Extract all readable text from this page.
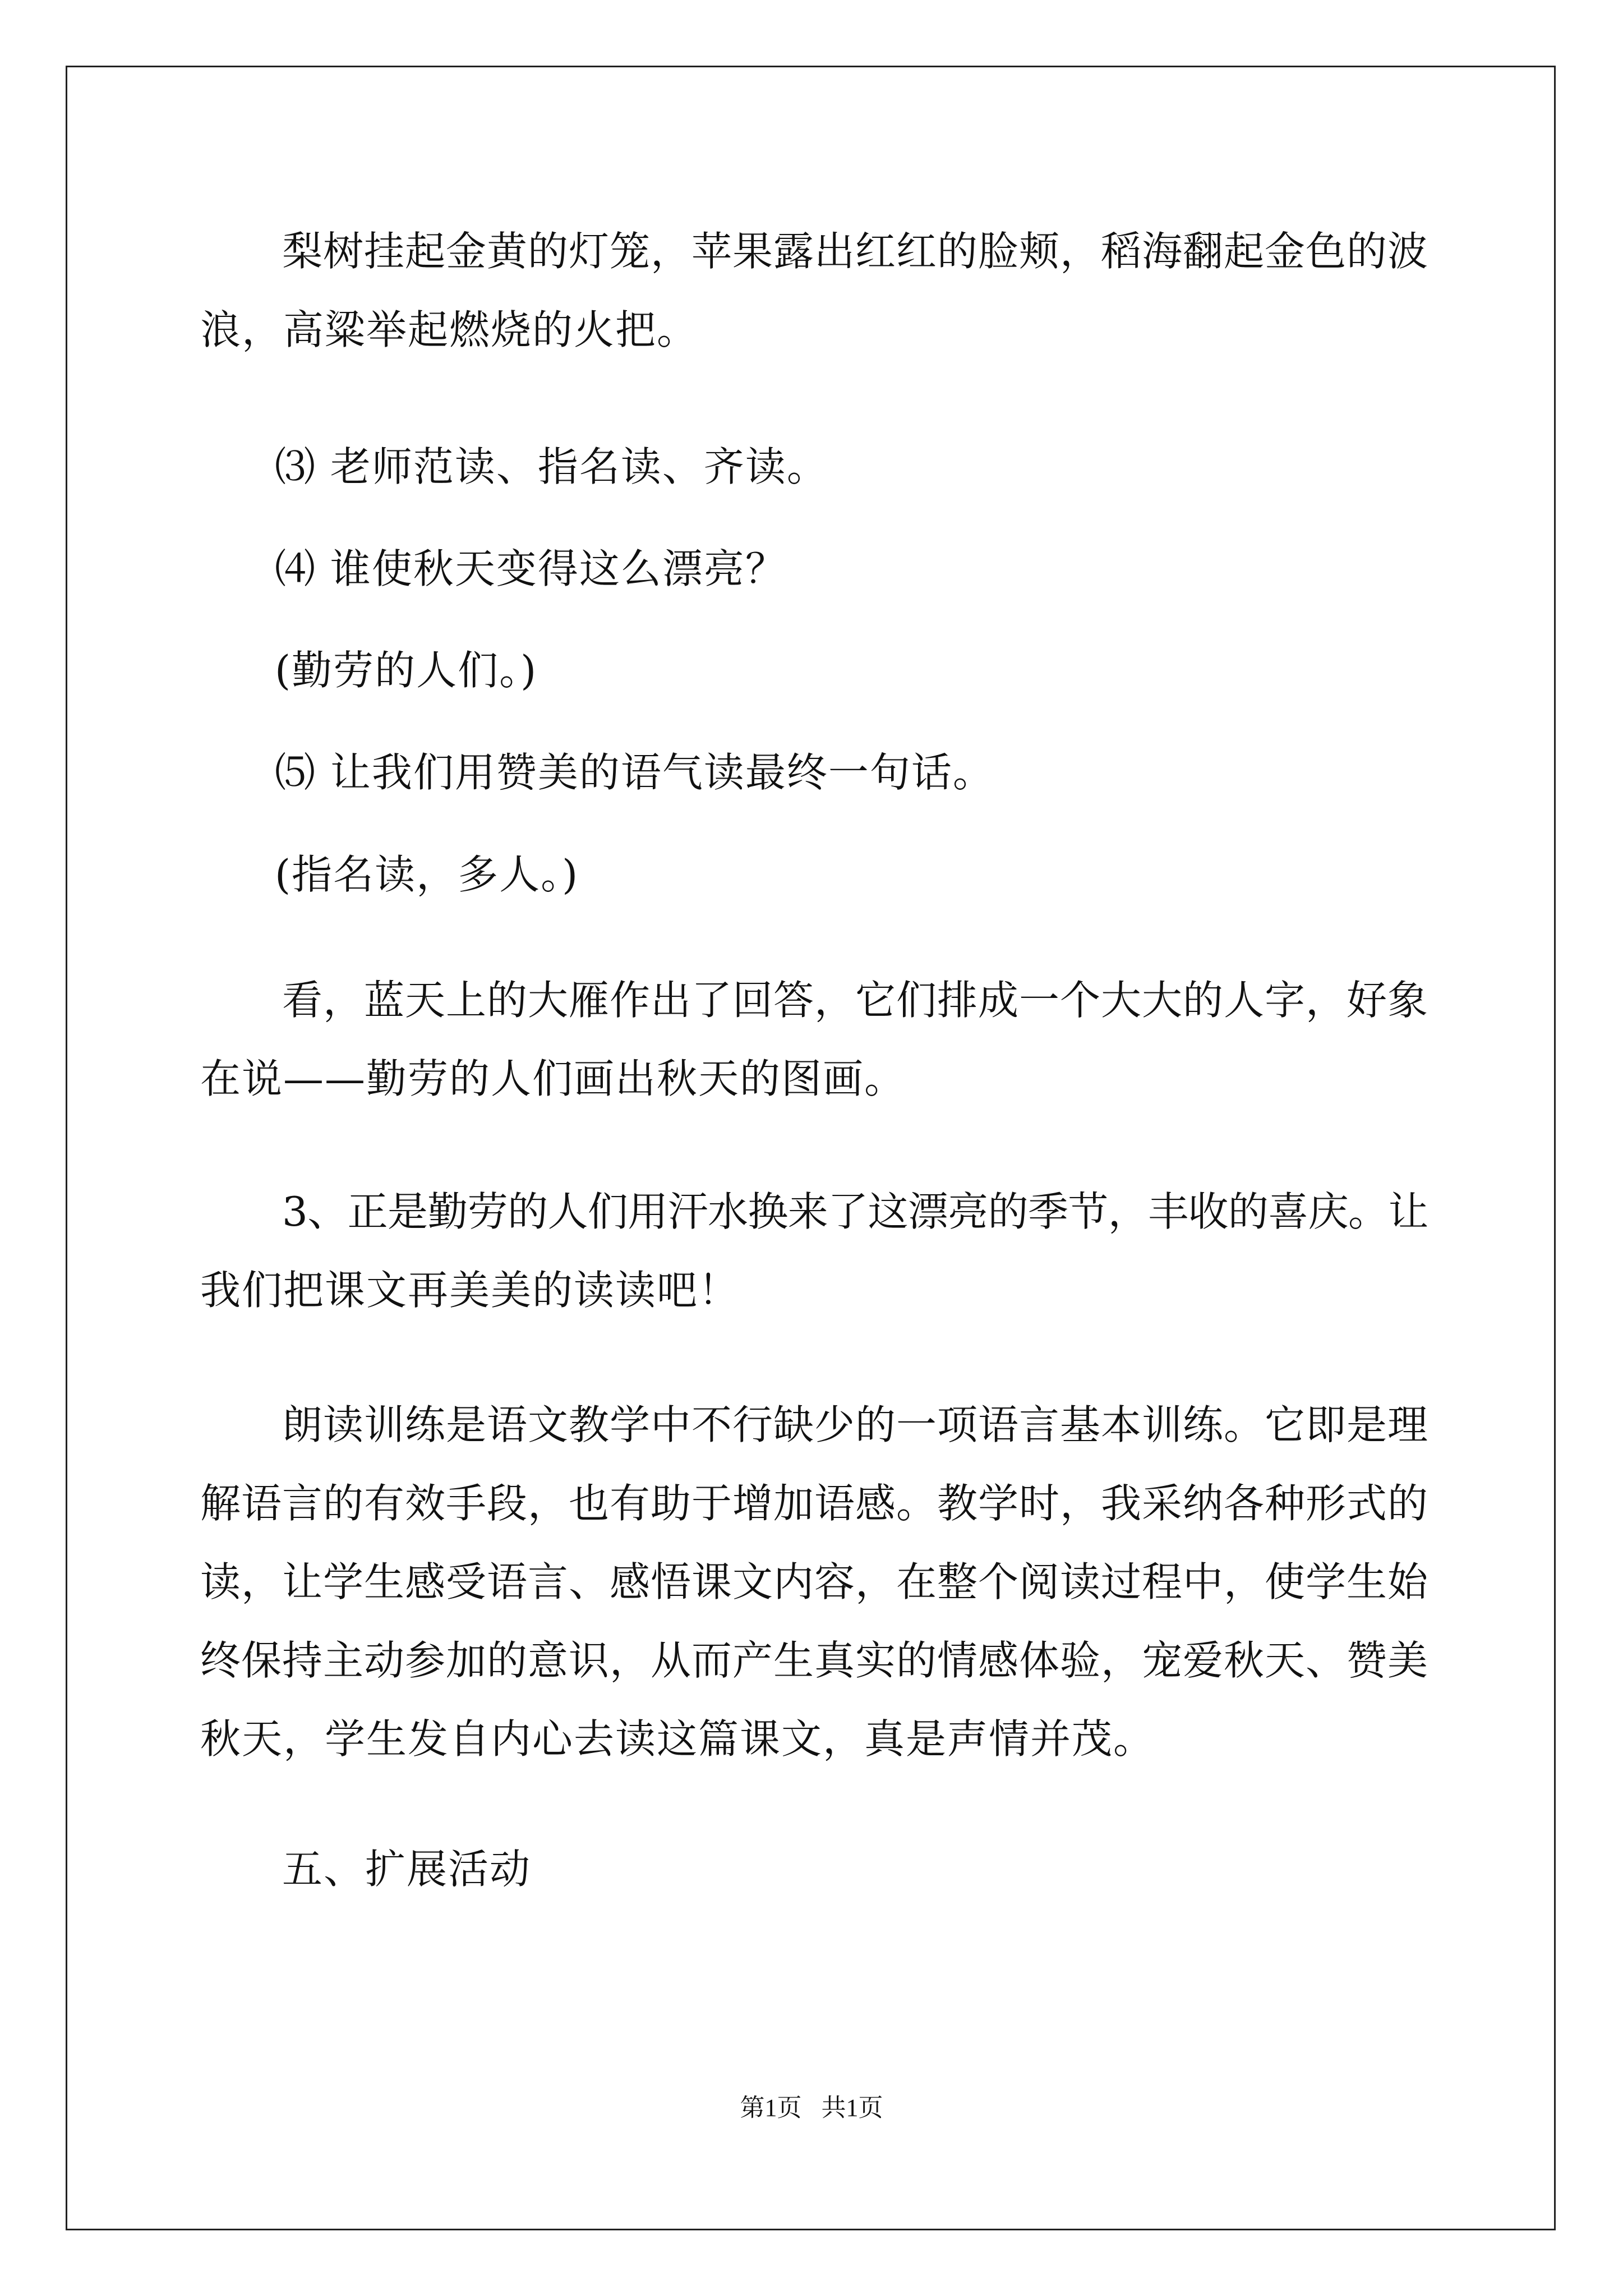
梨树挂起金黄的灯笼，苹果露出红红的脸颊，稻海翻起金色的波
浪，高粱举起燃烧的火把。
⑶ 老师范读、指名读、齐读。
⑷ 谁使秋天变得这么漂亮？
(勤劳的人们。)
⑸ 让我们用赞美的语气读最终一句话。
(指名读，多人。)
看，蓝天上的大雁作出了回答，它们排成一个大大的人字，好象
在说——勤劳的人们画出秋天的图画。
3、正是勤劳的人们用汗水换来了这漂亮的季节，丰收的喜庆。让
我们把课文再美美的读读吧！
朗读训练是语文教学中不行缺少的一项语言基本训练。它即是理
解语言的有效手段，也有助于增加语感。教学时，我采纳各种形式的
读，让学生感受语言、感悟课文内容，在整个阅读过程中，使学生始
终保持主动参加的意识，从而产生真实的情感体验，宠爱秋天、赞美
秋天，学生发自内心去读这篇课文，真是声情并茂。
五、扩展活动
第1页 共1页
